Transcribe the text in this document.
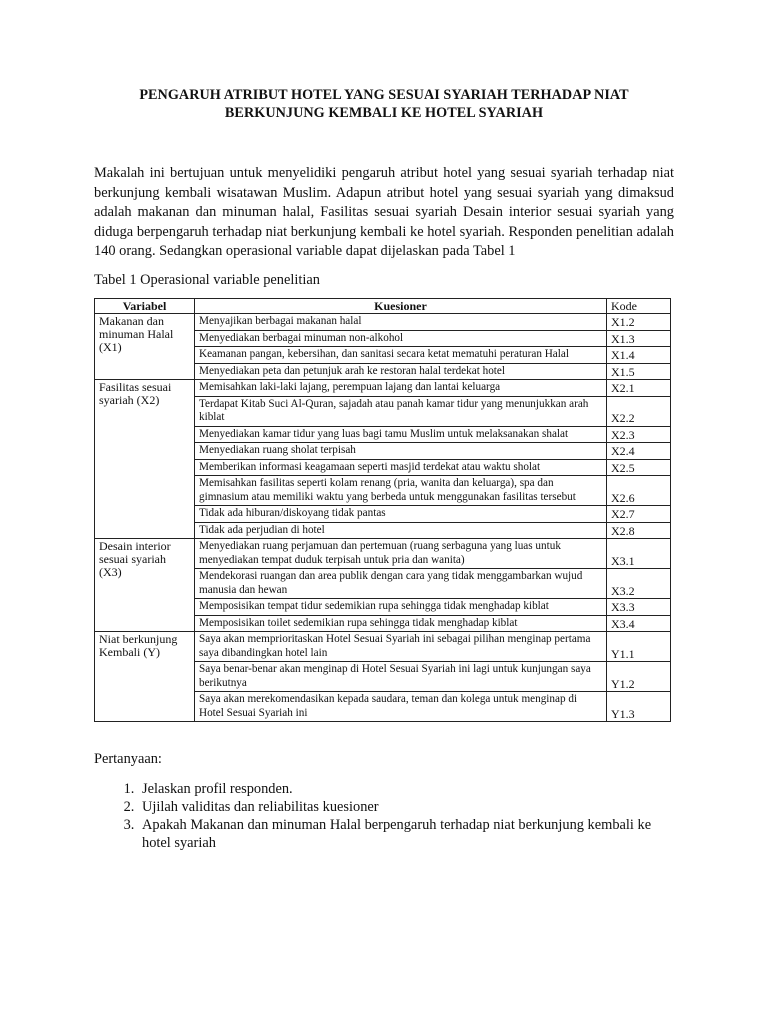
PENGARUH ATRIBUT HOTEL YANG SESUAI SYARIAH TERHADAP NIAT
BERKUNJUNG KEMBALI KE HOTEL SYARIAH

Makalah ini bertujuan untuk menyelidiki pengaruh atribut hotel yang sesuai syariah terhadap niat berkunjung kembali wisatawan Muslim. Adapun atribut hotel yang sesuai syariah yang dimaksud adalah makanan dan minuman halal, Fasilitas sesuai syariah Desain interior sesuai syariah yang diduga berpengaruh terhadap niat berkunjung kembali ke hotel syariah. Responden penelitian adalah 140 orang. Sedangkan operasional variable dapat dijelaskan pada Tabel 1

Tabel 1 Operasional variable penelitian
Variabel	Kuesioner	Kode
Makanan dan minuman Halal (X1)	Menyajikan berbagai makanan halal	X1.2
	Menyediakan berbagai minuman non-alkohol	X1.3
	Keamanan pangan, kebersihan, dan sanitasi secara ketat mematuhi peraturan Halal	X1.4
	Menyediakan peta dan petunjuk arah ke restoran halal terdekat hotel	X1.5
Fasilitas sesuai syariah (X2)	Memisahkan laki-laki lajang, perempuan lajang dan lantai keluarga	X2.1
	Terdapat Kitab Suci Al-Quran, sajadah atau panah kamar tidur yang menunjukkan arah kiblat	X2.2
	Menyediakan kamar tidur yang luas bagi tamu Muslim untuk melaksanakan shalat	X2.3
	Menyediakan ruang sholat terpisah	X2.4
	Memberikan informasi keagamaan seperti masjid terdekat atau waktu sholat	X2.5
	Memisahkan fasilitas seperti kolam renang (pria, wanita dan keluarga), spa dan gimnasium atau memiliki waktu yang berbeda untuk menggunakan fasilitas tersebut	X2.6
	Tidak ada hiburan/diskoyang tidak pantas	X2.7
	Tidak ada perjudian di hotel	X2.8
Desain interior sesuai syariah (X3)	Menyediakan ruang perjamuan dan pertemuan (ruang serbaguna yang luas untuk menyediakan tempat duduk terpisah untuk pria dan wanita)	X3.1
	Mendekorasi ruangan dan area publik dengan cara yang tidak menggambarkan wujud manusia dan hewan	X3.2
	Memposisikan tempat tidur sedemikian rupa sehingga tidak menghadap kiblat	X3.3
	Memposisikan toilet sedemikian rupa sehingga tidak menghadap kiblat	X3.4
Niat berkunjung Kembali (Y)	Saya akan memprioritaskan Hotel Sesuai Syariah ini sebagai pilihan menginap pertama saya dibandingkan hotel lain	Y1.1
	Saya benar-benar akan menginap di Hotel Sesuai Syariah ini lagi untuk kunjungan saya berikutnya	Y1.2
	Saya akan merekomendasikan kepada saudara, teman dan kolega untuk menginap di Hotel Sesuai Syariah ini	Y1.3
Pertanyaan:
1. Jelaskan profil responden.
2. Ujilah validitas dan reliabilitas kuesioner
3. Apakah Makanan dan minuman Halal berpengaruh terhadap niat berkunjung kembali ke hotel syariah
